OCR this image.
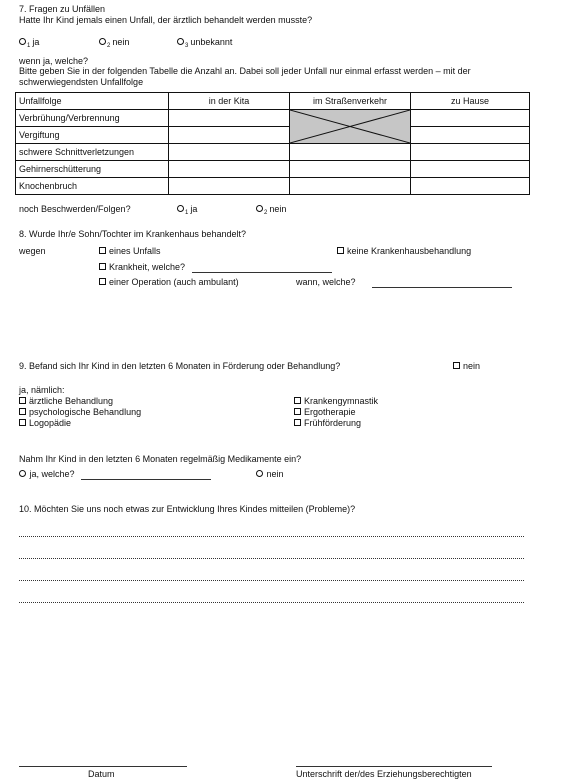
7. Fragen zu Unfällen
Hatte Ihr Kind jemals einen Unfall, der ärztlich behandelt werden musste?
$_1$ ja	$_2$ nein	$_3$ unbekannt
wenn ja, welche?
Bitte geben Sie in der folgenden Tabelle die Anzahl an. Dabei soll jeder Unfall nur einmal erfasst werden – mit der
schwerwiegendsten Unfallfolge
Unfallfolge	in der Kita	im Straßenverkehr	zu Hause
Verbrühung/Verbrennung		

Vergiftung			
schwere Schnittverletzungen			
Gehirnerschütterung			
Knochenbruch			
noch Beschwerden/Folgen?	$_1$ ja	$_2$ nein
8. Wurde Ihr/e Sohn/Tochter im Krankenhaus behandelt?
wegen	eines Unfalls	keine Krankenhausbehandlung
Krankheit, welche?
einer Operation (auch ambulant)	wann, welche?
9. Befand sich Ihr Kind in den letzten 6 Monaten in Förderung oder Behandlung?	nein
ja, nämlich:
ärztliche Behandlung
psychologische Behandlung
Logopädie
Krankengymnastik
Ergotherapie
Frühförderung
Nahm Ihr Kind in den letzten 6 Monaten regelmäßig Medikamente ein?
ja, welche?	nein
10. Möchten Sie uns noch etwas zur Entwicklung Ihres Kindes mitteilen (Probleme)?
Datum	Unterschrift der/des Erziehungsberechtigten
